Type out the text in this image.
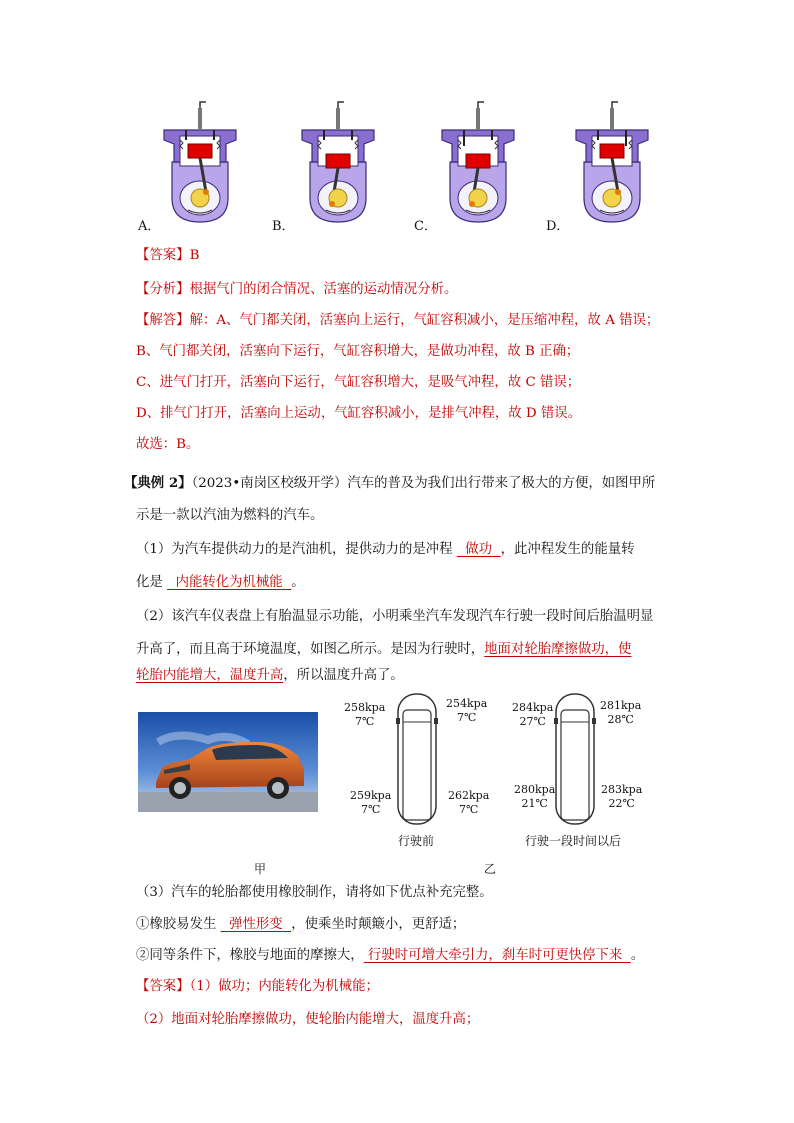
A．	B．	C．	D．
【答案】B
【分析】根据气门的闭合情况、活塞的运动情况分析。
【解答】解：A、气门都关闭，活塞向上运行，气缸容积减小，是压缩冲程，故 A 错误；
B、气门都关闭，活塞向下运行，气缸容积增大，是做功冲程，故 B 正确；
C、进气门打开，活塞向下运行，气缸容积增大，是吸气冲程，故 C 错误；
D、排气门打开，活塞向上运动，气缸容积减小，是排气冲程，故 D 错误。
故选：B。
【典例 2】（2023•南岗区校级开学）汽车的普及为我们出行带来了极大的方便，如图甲所
示是一款以汽油为燃料的汽车。
（1）为汽车提供动力的是汽油机，提供动力的是冲程 做功 ，此冲程发生的能量转
化是 内能转化为机械能 。
（2）该汽车仪表盘上有胎温显示功能，小明乘坐汽车发现汽车行驶一段时间后胎温明显
升高了，而且高于环境温度，如图乙所示。是因为行驶时，地面对轮胎摩擦做功，使
轮胎内能增大，温度升高，所以温度升高了。
258kpa
7℃
254kpa
7℃
259kpa
7℃
262kpa
7℃
行驶前
284kpa
27℃
281kpa
28℃
280kpa
21℃
283kpa
22℃
行驶一段时间以后
甲	乙
（3）汽车的轮胎都使用橡胶制作，请将如下优点补充完整。
①橡胶易发生 弹性形变 ，使乘坐时颠簸小，更舒适；
②同等条件下，橡胶与地面的摩擦大， 行驶时可增大牵引力，刹车时可更快停下来 。
【答案】（1）做功；内能转化为机械能；
（2）地面对轮胎摩擦做功，使轮胎内能增大，温度升高；
